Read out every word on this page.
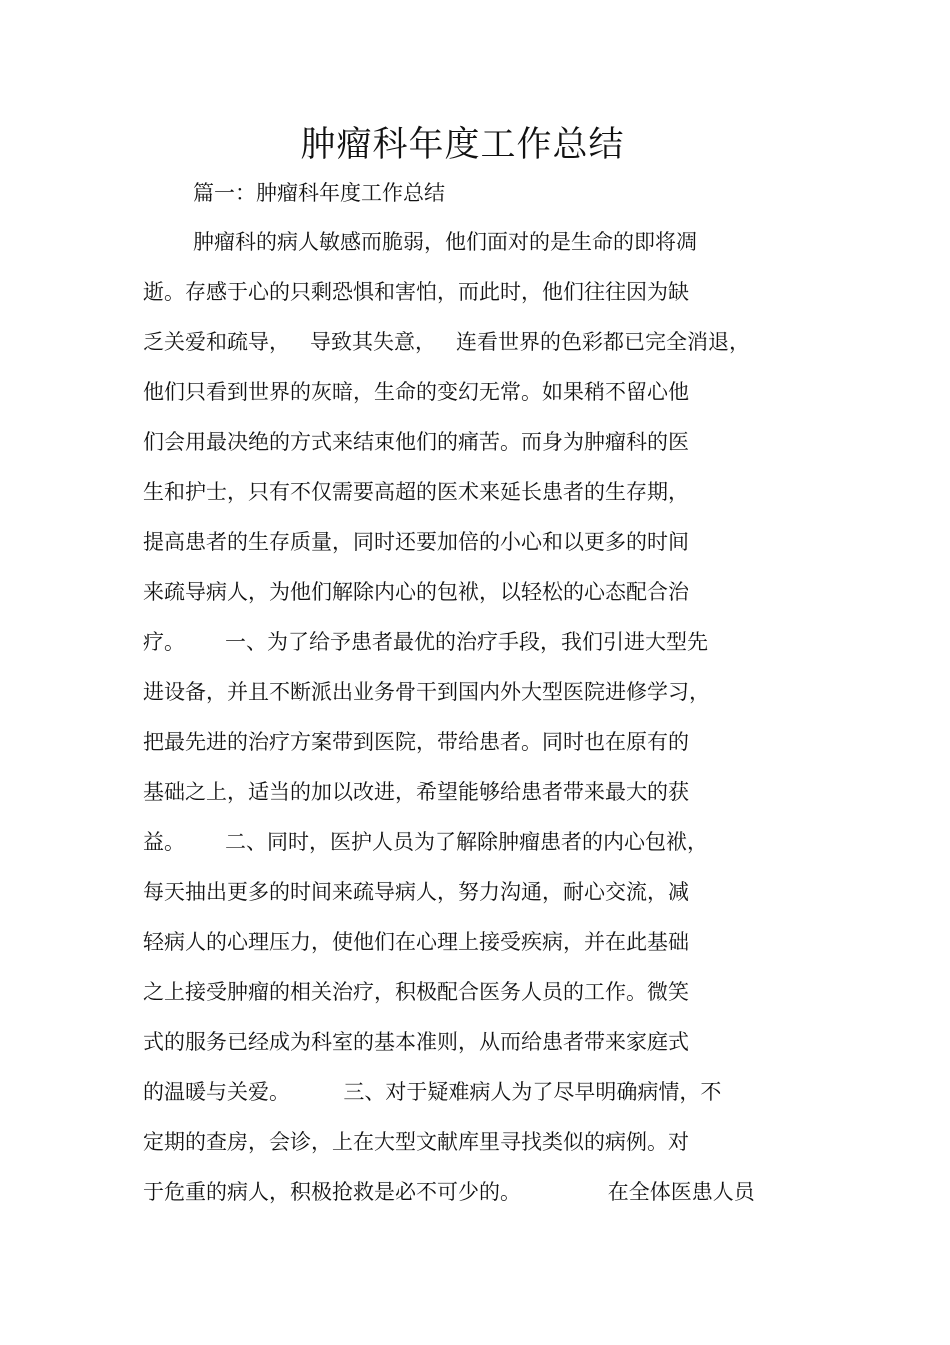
肿瘤科年度工作总结
篇一：肿瘤科年度工作总结
肿瘤科的病人敏感而脆弱，他们面对的是生命的即将凋
逝。存感于心的只剩恐惧和害怕，而此时，他们往往因为缺
乏关爱和疏导，   导致其失意，   连看世界的色彩都已完全消退，
他们只看到世界的灰暗，生命的变幻无常。如果稍不留心他
们会用最决绝的方式来结束他们的痛苦。而身为肿瘤科的医
生和护士，只有不仅需要高超的医术来延长患者的生存期，
提高患者的生存质量，同时还要加倍的小心和以更多的时间
来疏导病人，为他们解除内心的包袱，以轻松的心态配合治
疗。      一、为了给予患者最优的治疗手段，我们引进大型先
进设备，并且不断派出业务骨干到国内外大型医院进修学习，
把最先进的治疗方案带到医院，带给患者。同时也在原有的
基础之上，适当的加以改进，希望能够给患者带来最大的获
益。      二、同时，医护人员为了解除肿瘤患者的内心包袱，
每天抽出更多的时间来疏导病人，努力沟通，耐心交流，减
轻病人的心理压力，使他们在心理上接受疾病，并在此基础
之上接受肿瘤的相关治疗，积极配合医务人员的工作。微笑
式的服务已经成为科室的基本准则，从而给患者带来家庭式
的温暖与关爱。        三、对于疑难病人为了尽早明确病情，不
定期的查房，会诊，上在大型文献库里寻找类似的病例。对
于危重的病人，积极抢救是必不可少的。             在全体医患人员
